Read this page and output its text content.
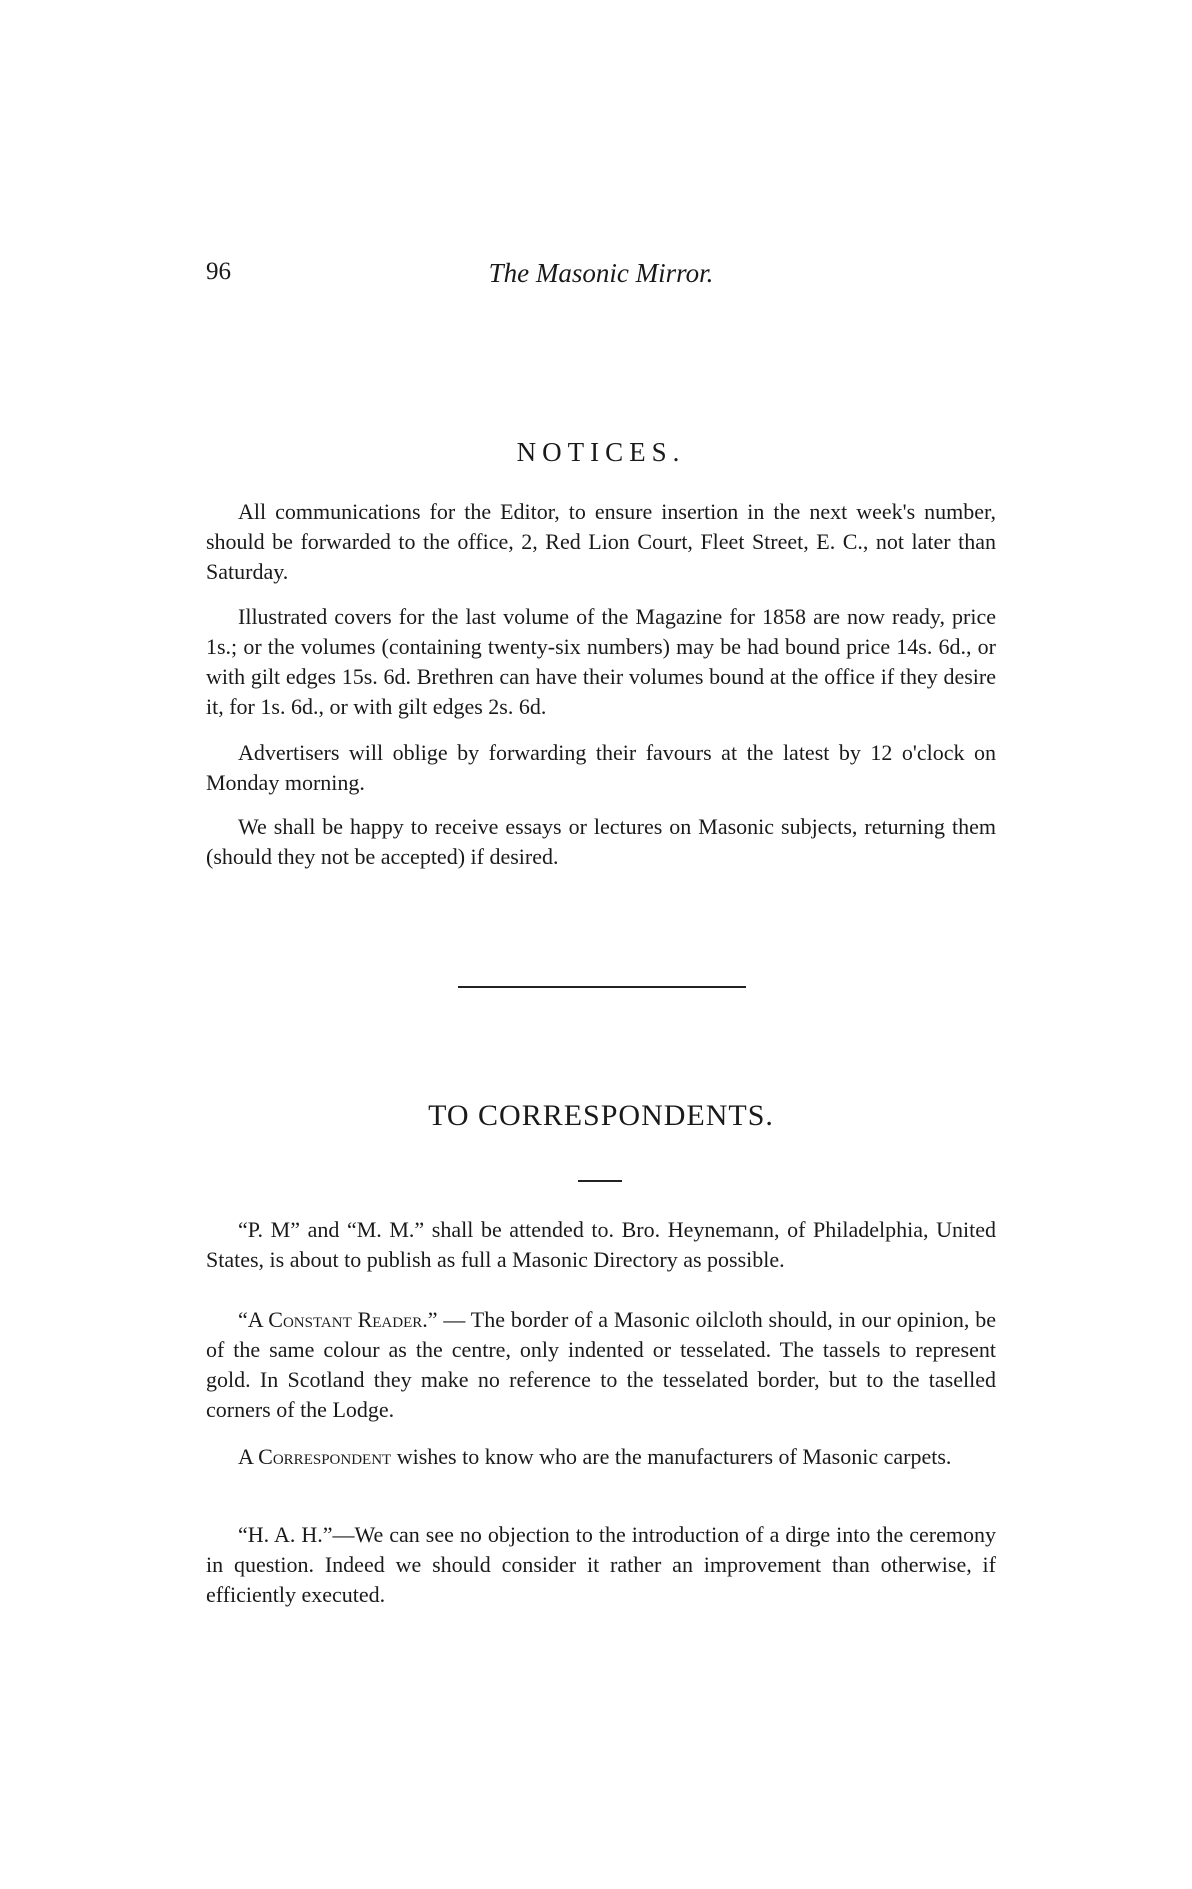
96	The Masonic Mirror.
NOTICES.

All communications for the Editor, to ensure insertion in the next week's number, should be forwarded to the office, 2, Red Lion Court, Fleet Street, E. C., not later than Saturday.

Illustrated covers for the last volume of the Magazine for 1858 are now ready, price 1s.; or the volumes (containing twenty-six numbers) may be had bound price 14s. 6d., or with gilt edges 15s. 6d. Brethren can have their volumes bound at the office if they desire it, for 1s. 6d., or with gilt edges 2s. 6d.

Advertisers will oblige by forwarding their favours at the latest by 12 o'clock on Monday morning.

We shall be happy to receive essays or lectures on Masonic subjects, returning them (should they not be accepted) if desired.

TO CORRESPONDENTS.

“P. M” and “M. M.” shall be attended to. Bro. Heynemann, of Philadelphia, United States, is about to publish as full a Masonic Directory as possible.

“A Constant Reader.” — The border of a Masonic oilcloth should, in our opinion, be of the same colour as the centre, only indented or tesselated. The tassels to represent gold. In Scotland they make no reference to the tesselated border, but to the taselled corners of the Lodge.

A Correspondent wishes to know who are the manufacturers of Masonic carpets.

“H. A. H.”—We can see no objection to the introduction of a dirge into the ceremony in question. Indeed we should consider it rather an improvement than otherwise, if efficiently executed.
